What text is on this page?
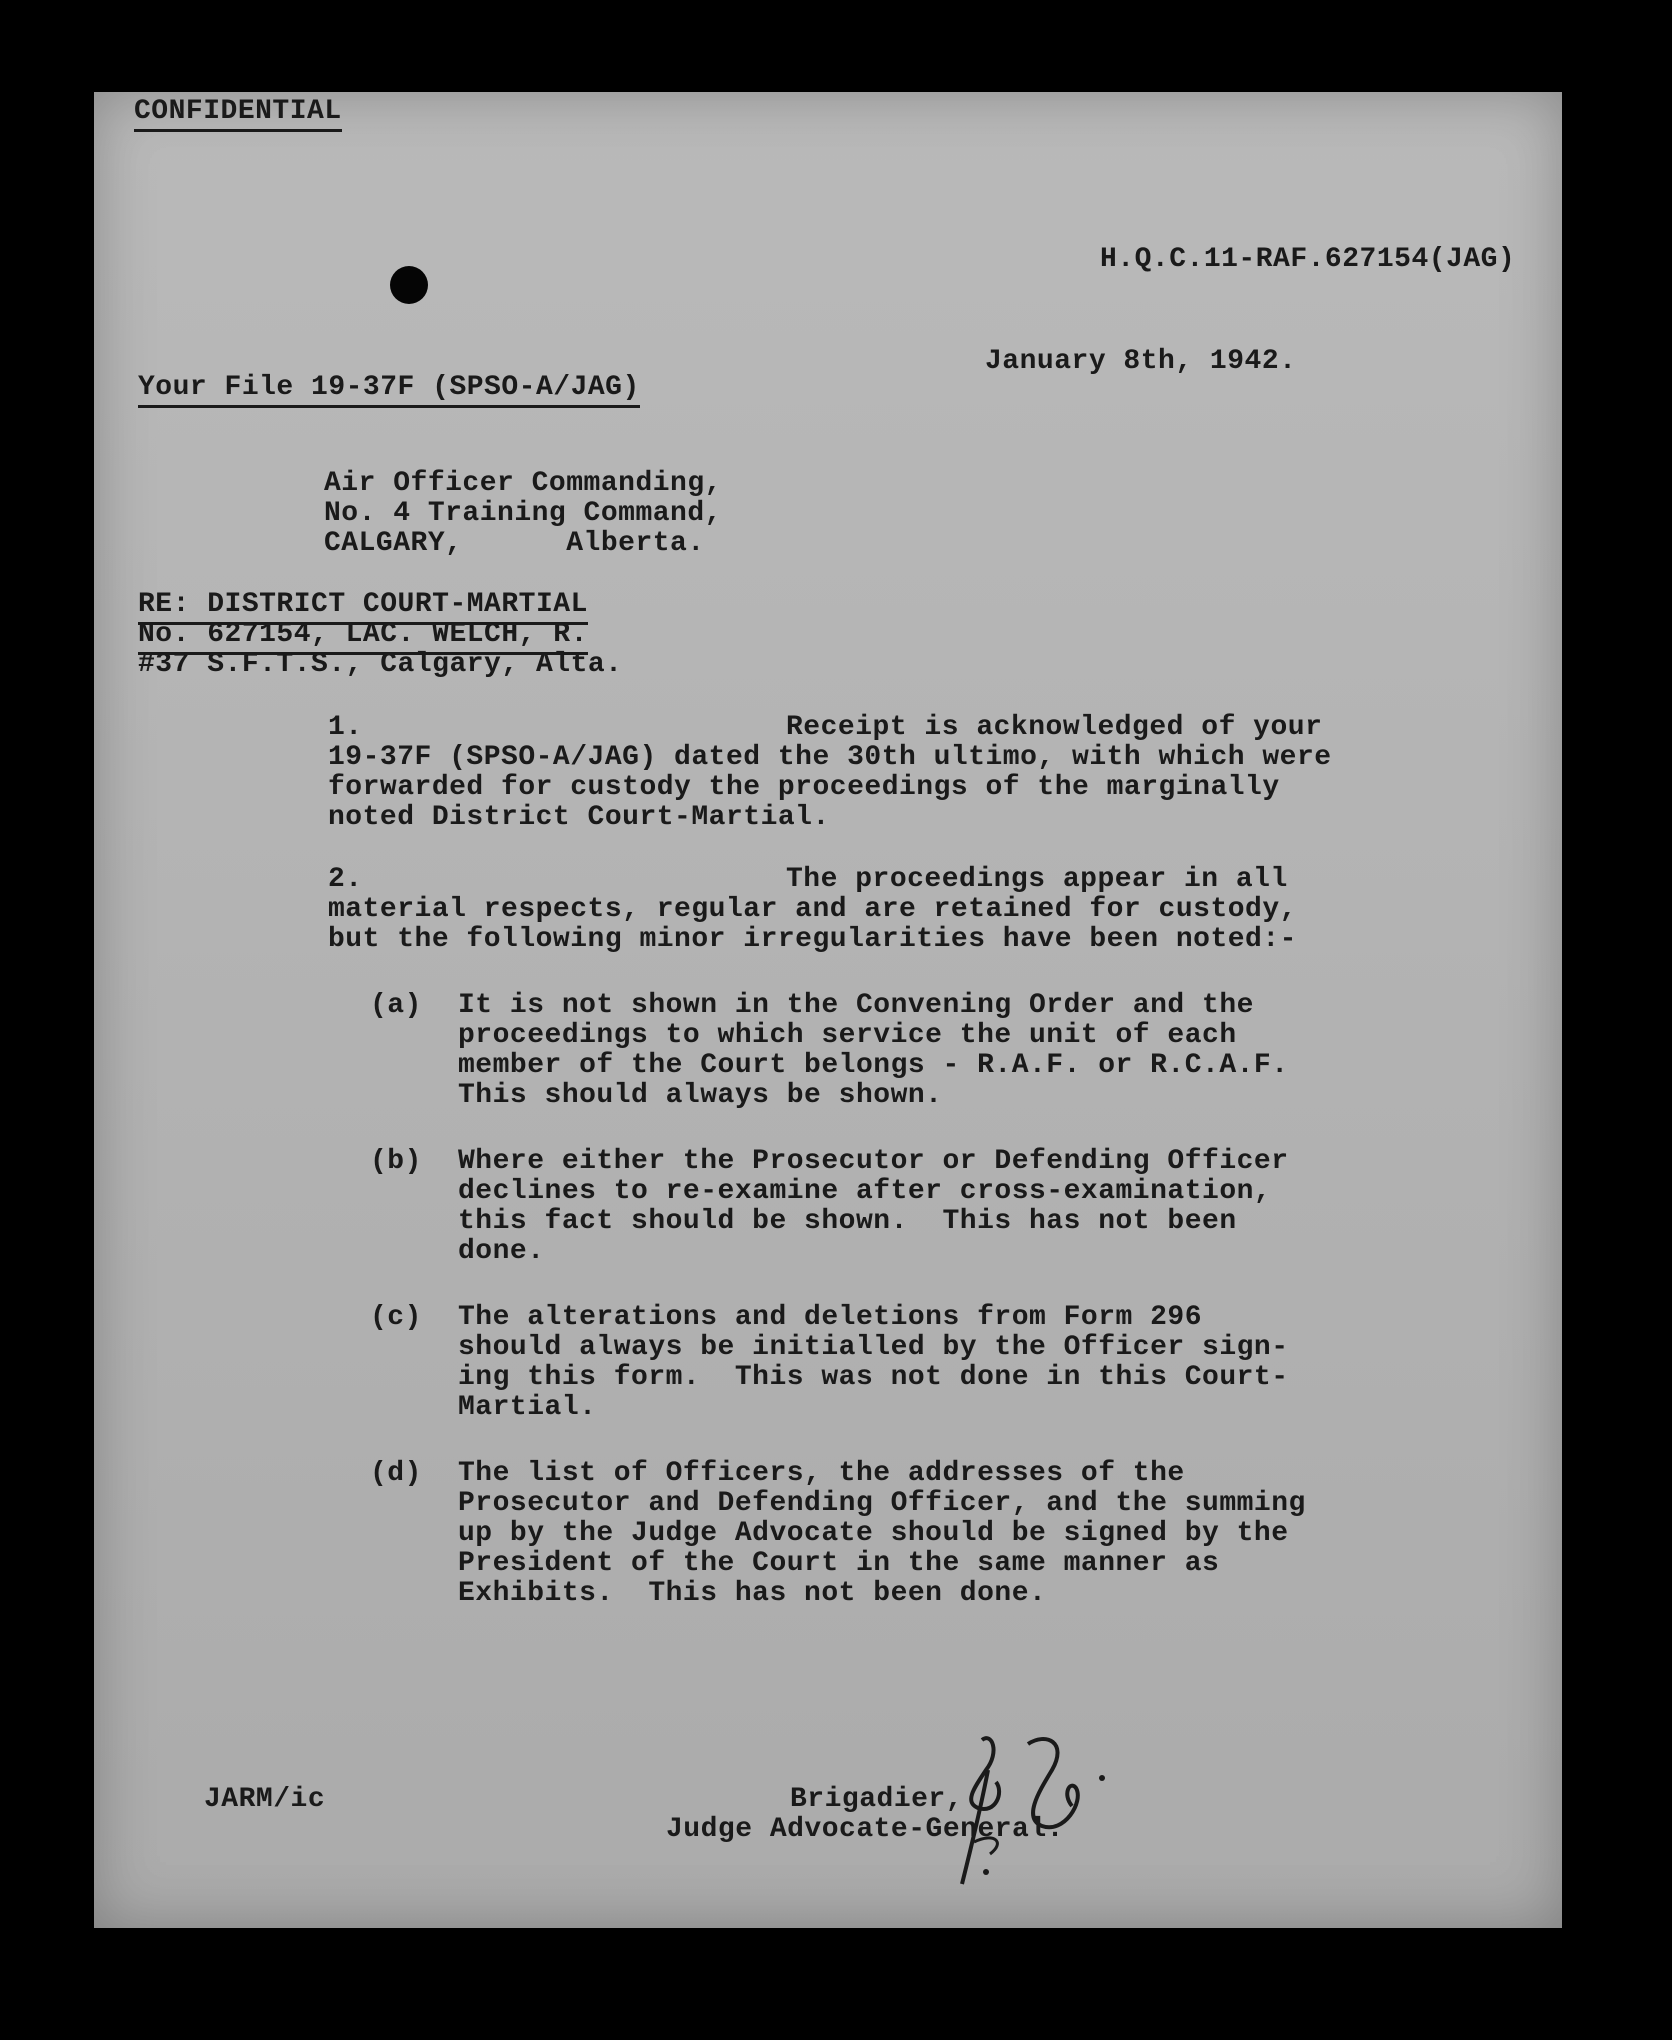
CONFIDENTIAL
H.Q.C.11-RAF.627154(JAG)
January 8th, 1942.
Your File 19-37F (SPSO-A/JAG)
Air Officer Commanding,
No. 4 Training Command,
CALGARY,      Alberta.
RE: DISTRICT COURT-MARTIAL
No. 627154, LAC. WELCH, R.
#37 S.F.T.S., Calgary, Alta.
1.	Receipt is acknowledged of your
19-37F (SPSO-A/JAG) dated the 30th ultimo, with which were
forwarded for custody the proceedings of the marginally
noted District Court-Martial.
2.	The proceedings appear in all
material respects, regular and are retained for custody,
but the following minor irregularities have been noted:-
(a) It is not shown in the Convening Order and the
proceedings to which service the unit of each
member of the Court belongs - R.A.F. or R.C.A.F.
This should always be shown.
(b) Where either the Prosecutor or Defending Officer
declines to re-examine after cross-examination,
this fact should be shown.  This has not been
done.
(c) The alterations and deletions from Form 296
should always be initialled by the Officer sign-
ing this form.  This was not done in this Court-
Martial.
(d) The list of Officers, the addresses of the
Prosecutor and Defending Officer, and the summing
up by the Judge Advocate should be signed by the
President of the Court in the same manner as
Exhibits.  This has not been done.
JARM/ic	Brigadier,
Judge Advocate-General.
